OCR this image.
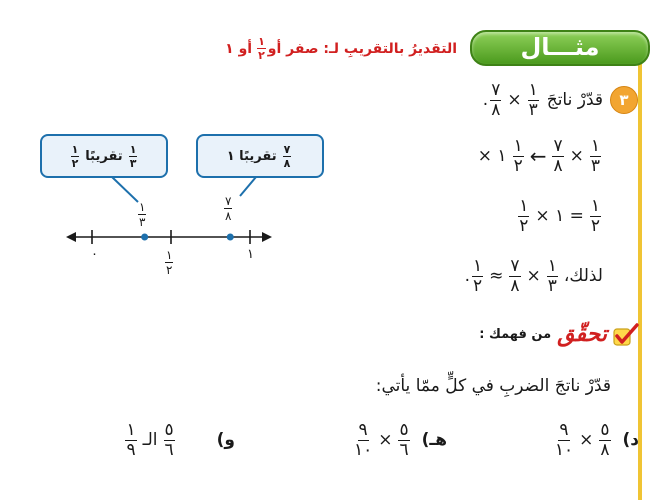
مثـــال
التقديرُ بالتقريبِ لـ: صفر أو
$\frac{١}{٢}$
أو ١
٣
قدّرْ ناتجَ
$\frac{١}{٣}$
×
$\frac{٧}{٨}$
.
$\frac{١}{٣}$
×
$\frac{٧}{٨}$
←
$\frac{١}{٢}$
١ ×
$\frac{١}{٢}$
= ١ ×
$\frac{١}{٢}$
لذلك،
$\frac{١}{٣}$
×
$\frac{٧}{٨}$
≈
$\frac{١}{٢}$
.
$\frac{١}{٣}$
تقريبًا
$\frac{١}{٢}$	$\frac{٧}{٨}$
تقريبًا ١
$\frac{١}{٣}$	$\frac{٧}{٨}$
٠	$\frac{١}{٢}$	١
تحقّق
من فهمك :
قدّرْ ناتجَ الضربِ في كلٍّ ممّا يأتي:
د)
$\frac{٥}{٨}$
×
$\frac{٩}{١٠}$
هـ)
$\frac{٥}{٦}$
×
$\frac{٩}{١٠}$
و)
$\frac{٥}{٦}$
الـ
$\frac{١}{٩}$
